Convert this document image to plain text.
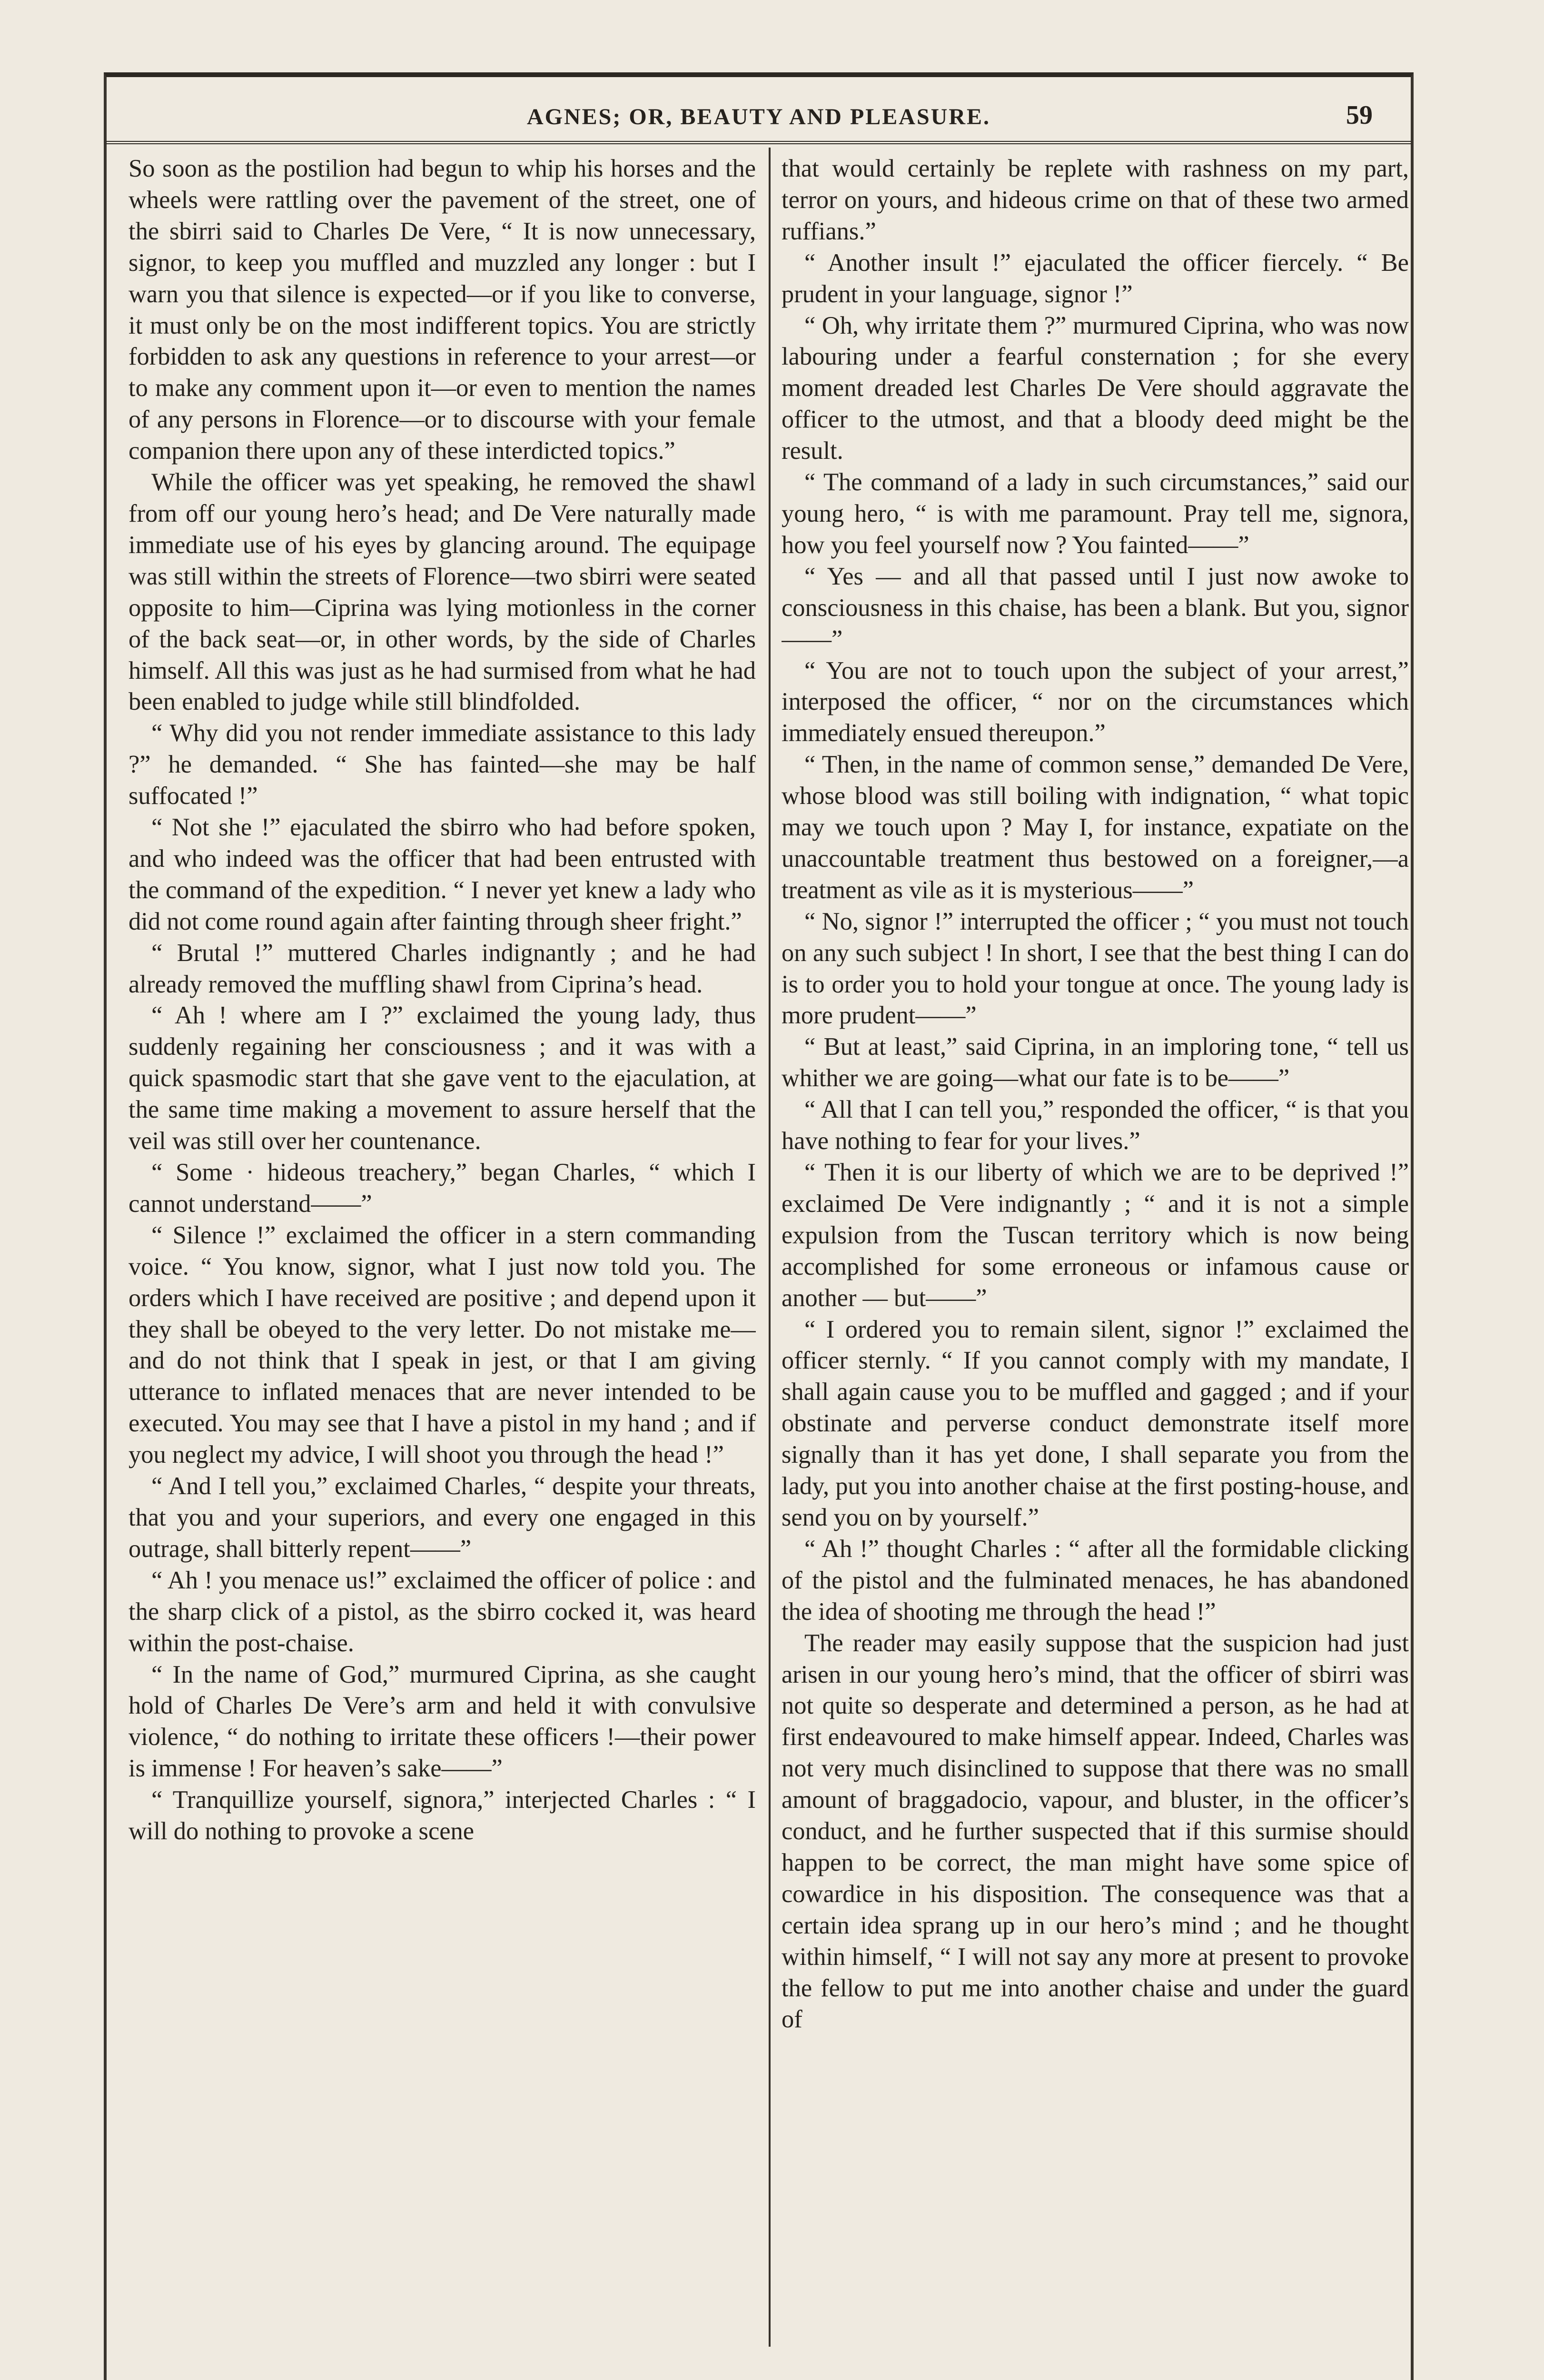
AGNES; OR, BEAUTY AND PLEASURE.	59

So soon as the postilion had begun to whip his horses and the wheels were rattling over the pavement of the street, one of the sbirri said to Charles De Vere, “ It is now unnecessary, signor, to keep you muffled and muzzled any longer : but I warn you that silence is expected—or if you like to converse, it must only be on the most indifferent topics. You are strictly forbidden to ask any questions in reference to your arrest—or to make any comment upon it—or even to mention the names of any persons in Florence—or to discourse with your female companion there upon any of these interdicted topics.”

While the officer was yet speaking, he removed the shawl from off our young hero’s head; and De Vere naturally made immediate use of his eyes by glancing around. The equipage was still within the streets of Florence—two sbirri were seated opposite to him—Ciprina was lying motionless in the corner of the back seat—or, in other words, by the side of Charles himself. All this was just as he had surmised from what he had been enabled to judge while still blindfolded.

“ Why did you not render immediate assistance to this lady ?” he demanded. “ She has fainted—she may be half suffocated !”

“ Not she !” ejaculated the sbirro who had before spoken, and who indeed was the officer that had been entrusted with the command of the expedition. “ I never yet knew a lady who did not come round again after fainting through sheer fright.”

“ Brutal !” muttered Charles indignantly ; and he had already removed the muffling shawl from Ciprina’s head.

“ Ah ! where am I ?” exclaimed the young lady, thus suddenly regaining her consciousness ; and it was with a quick spasmodic start that she gave vent to the ejaculation, at the same time making a movement to assure herself that the veil was still over her countenance.

“ Some · hideous treachery,” began Charles, “ which I cannot understand——”

“ Silence !” exclaimed the officer in a stern commanding voice. “ You know, signor, what I just now told you. The orders which I have received are positive ; and depend upon it they shall be obeyed to the very letter. Do not mistake me—and do not think that I speak in jest, or that I am giving utterance to inflated menaces that are never intended to be executed. You may see that I have a pistol in my hand ; and if you neglect my advice, I will shoot you through the head !”

“ And I tell you,” exclaimed Charles, “ despite your threats, that you and your superiors, and every one engaged in this outrage, shall bitterly repent——”

“ Ah ! you menace us!” exclaimed the officer of police : and the sharp click of a pistol, as the sbirro cocked it, was heard within the post-chaise.

“ In the name of God,” murmured Ciprina, as she caught hold of Charles De Vere’s arm and held it with convulsive violence, “ do nothing to irritate these officers !—their power is immense ! For heaven’s sake——”

“ Tranquillize yourself, signora,” interjected Charles : “ I will do nothing to provoke a scene

that would certainly be replete with rashness on my part, terror on yours, and hideous crime on that of these two armed ruffians.”

“ Another insult !” ejaculated the officer fiercely. “ Be prudent in your language, signor !”

“ Oh, why irritate them ?” murmured Ciprina, who was now labouring under a fearful consternation ; for she every moment dreaded lest Charles De Vere should aggravate the officer to the utmost, and that a bloody deed might be the result.

“ The command of a lady in such circumstances,” said our young hero, “ is with me paramount. Pray tell me, signora, how you feel yourself now ? You fainted——”

“ Yes — and all that passed until I just now awoke to consciousness in this chaise, has been a blank. But you, signor——”

“ You are not to touch upon the subject of your arrest,” interposed the officer, “ nor on the circumstances which immediately ensued thereupon.”

“ Then, in the name of common sense,” demanded De Vere, whose blood was still boiling with indignation, “ what topic may we touch upon ? May I, for instance, expatiate on the unaccountable treatment thus bestowed on a foreigner,—a treatment as vile as it is mysterious——”

“ No, signor !” interrupted the officer ; “ you must not touch on any such subject ! In short, I see that the best thing I can do is to order you to hold your tongue at once. The young lady is more prudent——”

“ But at least,” said Ciprina, in an imploring tone, “ tell us whither we are going—what our fate is to be——”

“ All that I can tell you,” responded the officer, “ is that you have nothing to fear for your lives.”

“ Then it is our liberty of which we are to be deprived !” exclaimed De Vere indignantly ; “ and it is not a simple expulsion from the Tuscan territory which is now being accomplished for some erroneous or infamous cause or another — but——”

“ I ordered you to remain silent, signor !” exclaimed the officer sternly. “ If you cannot comply with my mandate, I shall again cause you to be muffled and gagged ; and if your obstinate and perverse conduct demonstrate itself more signally than it has yet done, I shall separate you from the lady, put you into another chaise at the first posting-house, and send you on by yourself.”

“ Ah !” thought Charles : “ after all the formidable clicking of the pistol and the fulminated menaces, he has abandoned the idea of shooting me through the head !”

The reader may easily suppose that the suspicion had just arisen in our young hero’s mind, that the officer of sbirri was not quite so desperate and determined a person, as he had at first endeavoured to make himself appear. Indeed, Charles was not very much disinclined to suppose that there was no small amount of braggadocio, vapour, and bluster, in the officer’s conduct, and he further suspected that if this surmise should happen to be correct, the man might have some spice of cowardice in his disposition. The consequence was that a certain idea sprang up in our hero’s mind ; and he thought within himself, “ I will not say any more at present to provoke the fellow to put me into another chaise and under the guard of
